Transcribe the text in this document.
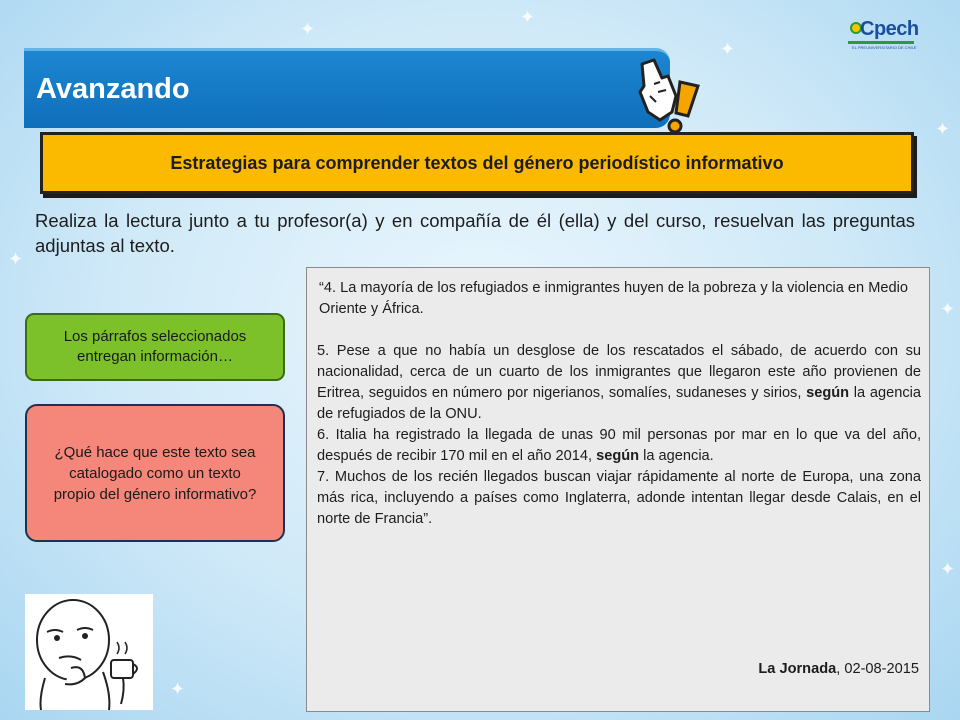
✦
✦
✦
✦
✦
✦
✦
✦
Cpech
EL PREUNIVERSITARIO DE CHILE
Avanzando
Estrategias para comprender textos del género periodístico informativo
Realiza la lectura junto a tu profesor(a) y en compañía de él (ella) y del curso, resuelvan las preguntas adjuntas al texto.
Los párrafos seleccionados entregan información…
¿Qué hace que este texto sea catalogado como un texto propio del género informativo?

“4. La mayoría de los refugiados e inmigrantes huyen de la pobreza y la violencia en Medio Oriente y África.

5. Pese a que no había un desglose de los rescatados el sábado, de acuerdo con su nacionalidad, cerca de un cuarto de los inmigrantes que llegaron este año provienen de Eritrea, seguidos en número por nigerianos, somalíes, sudaneses y sirios, según la agencia de refugiados de la ONU.

6. Italia ha registrado la llegada de unas 90 mil personas por mar en lo que va del año, después de recibir 170 mil en el año 2014, según la agencia.

7. Muchos de los recién llegados buscan viajar rápidamente al norte de Europa, una zona más rica, incluyendo a países como Inglaterra, adonde intentan llegar desde Calais, en el norte de Francia”.

La Jornada, 02-08-2015
